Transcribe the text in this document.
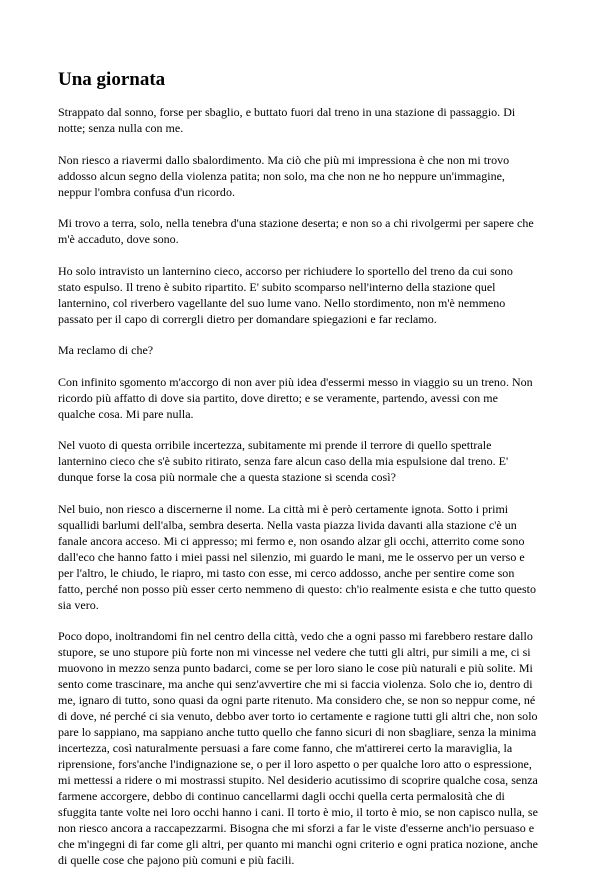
Una giornata

Strappato dal sonno, forse per sbaglio, e buttato fuori dal treno in una stazione di passaggio. Di notte; senza nulla con me.

Non riesco a riavermi dallo sbalordimento. Ma ciò che più mi impressiona è che non mi trovo addosso alcun segno della violenza patita; non solo, ma che non ne ho neppure un'immagine, neppur l'ombra confusa d'un ricordo.

Mi trovo a terra, solo, nella tenebra d'una stazione deserta; e non so a chi rivolgermi per sapere che m'è accaduto, dove sono.

Ho solo intravisto un lanternino cieco, accorso per richiudere lo sportello del treno da cui sono stato espulso. Il treno è subito ripartito. E' subito scomparso nell'interno della stazione quel lanternino, col riverbero vagellante del suo lume vano. Nello stordimento, non m'è nemmeno passato per il capo di corrergli dietro per domandare spiegazioni e far reclamo.

Ma reclamo di che?

Con infinito sgomento m'accorgo di non aver più idea d'essermi messo in viaggio su un treno. Non ricordo più affatto di dove sia partito, dove diretto; e se veramente, partendo, avessi con me qualche cosa. Mi pare nulla.

Nel vuoto di questa orribile incertezza, subitamente mi prende il terrore di quello spettrale lanternino cieco che s'è subito ritirato, senza fare alcun caso della mia espulsione dal treno. E' dunque forse la cosa più normale che a questa stazione si scenda così?

Nel buio, non riesco a discernerne il nome. La città mi è però certamente ignota. Sotto i primi squallidi barlumi dell'alba, sembra deserta. Nella vasta piazza livida davanti alla stazione c'è un fanale ancora acceso. Mi ci appresso; mi fermo e, non osando alzar gli occhi, atterrito come sono dall'eco che hanno fatto i miei passi nel silenzio, mi guardo le mani, me le osservo per un verso e per l'altro, le chiudo, le riapro, mi tasto con esse, mi cerco addosso, anche per sentire come son fatto, perché non posso più esser certo nemmeno di questo: ch'io realmente esista e che tutto questo sia vero.

Poco dopo, inoltrandomi fin nel centro della città, vedo che a ogni passo mi farebbero restare dallo stupore, se uno stupore più forte non mi vincesse nel vedere che tutti gli altri, pur simili a me, ci si muovono in mezzo senza punto badarci, come se per loro siano le cose più naturali e più solite. Mi sento come trascinare, ma anche qui senz'avvertire che mi si faccia violenza. Solo che io, dentro di me, ignaro di tutto, sono quasi da ogni parte ritenuto. Ma considero che, se non so neppur come, né di dove, né perché ci sia venuto, debbo aver torto io certamente e ragione tutti gli altri che, non solo pare lo sappiano, ma sappiano anche tutto quello che fanno sicuri di non sbagliare, senza la minima incertezza, così naturalmente persuasi a fare come fanno, che m'attirerei certo la maraviglia, la riprensione, fors'anche l'indignazione se, o per il loro aspetto o per qualche loro atto o espressione, mi mettessi a ridere o mi mostrassi stupito. Nel desiderio acutissimo di scoprire qualche cosa, senza farmene accorgere, debbo di continuo cancellarmi dagli occhi quella certa permalosità che di sfuggita tante volte nei loro occhi hanno i cani. Il torto è mio, il torto è mio, se non capisco nulla, se non riesco ancora a raccapezzarmi. Bisogna che mi sforzi a far le viste d'esserne anch'io persuaso e che m'ingegni di far come gli altri, per quanto mi manchi ogni criterio e ogni pratica nozione, anche di quelle cose che pajono più comuni e più facili.
